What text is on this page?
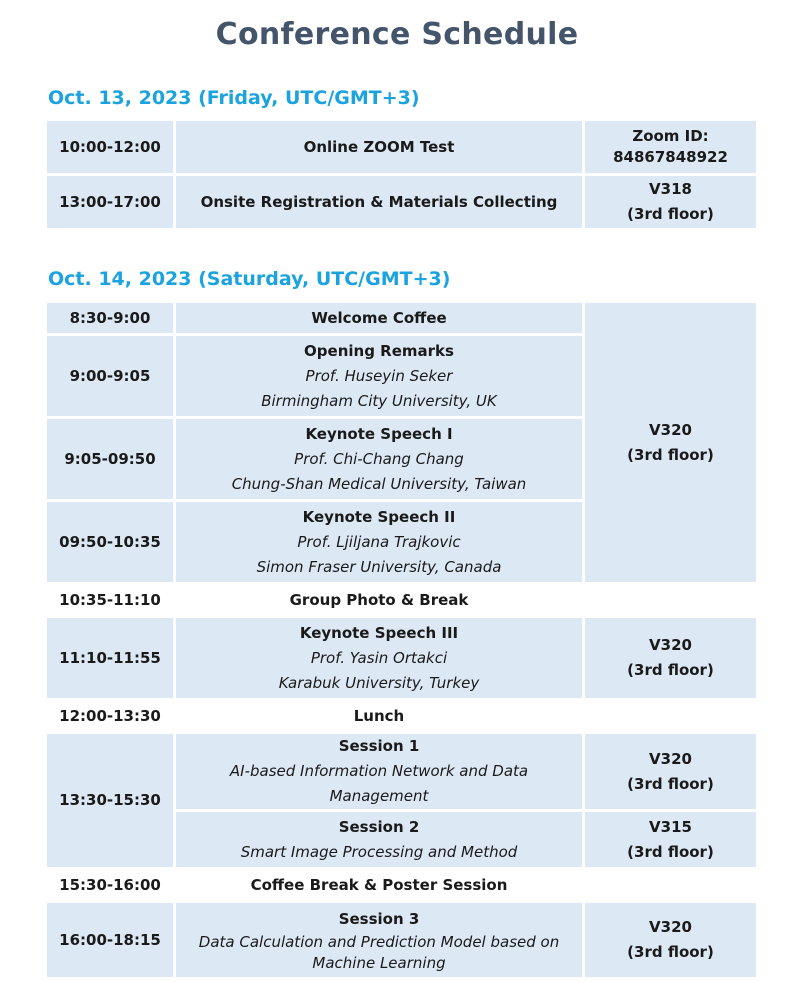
Conference Schedule
Oct. 13, 2023 (Friday, UTC/GMT+3)
10:00-12:00	Online ZOOM Test	Zoom ID:
84867848922

13:00-17:00	Onsite Registration & Materials Collecting	V318
(3rd floor)
Oct. 14, 2023 (Saturday, UTC/GMT+3)
8:30-9:00	Welcome Coffee	V320
(3rd floor)

9:00-9:05	Opening Remarks
Prof. Huseyin Seker
Birmingham City University, UK	

9:05-09:50	Keynote Speech I
Prof. Chi-Chang Chang
Chung-Shan Medical University, Taiwan	

09:50-10:35	Keynote Speech II
Prof. Ljiljana Trajkovic
Simon Fraser University, Canada	

10:35-11:10	Group Photo & Break	
11:10-11:55	Keynote Speech III
Prof. Yasin Ortakci
Karabuk University, Turkey	V320
(3rd floor)

12:00-13:30	Lunch	
13:30-15:30	Session 1
AI-based Information Network and Data Management	V320
(3rd floor)

	Session 2
Smart Image Processing and Method	V315
(3rd floor)

15:30-16:00	Coffee Break & Poster Session	
16:00-18:15	Session 3
Data Calculation and Prediction Model based on Machine Learning	V320
(3rd floor)
